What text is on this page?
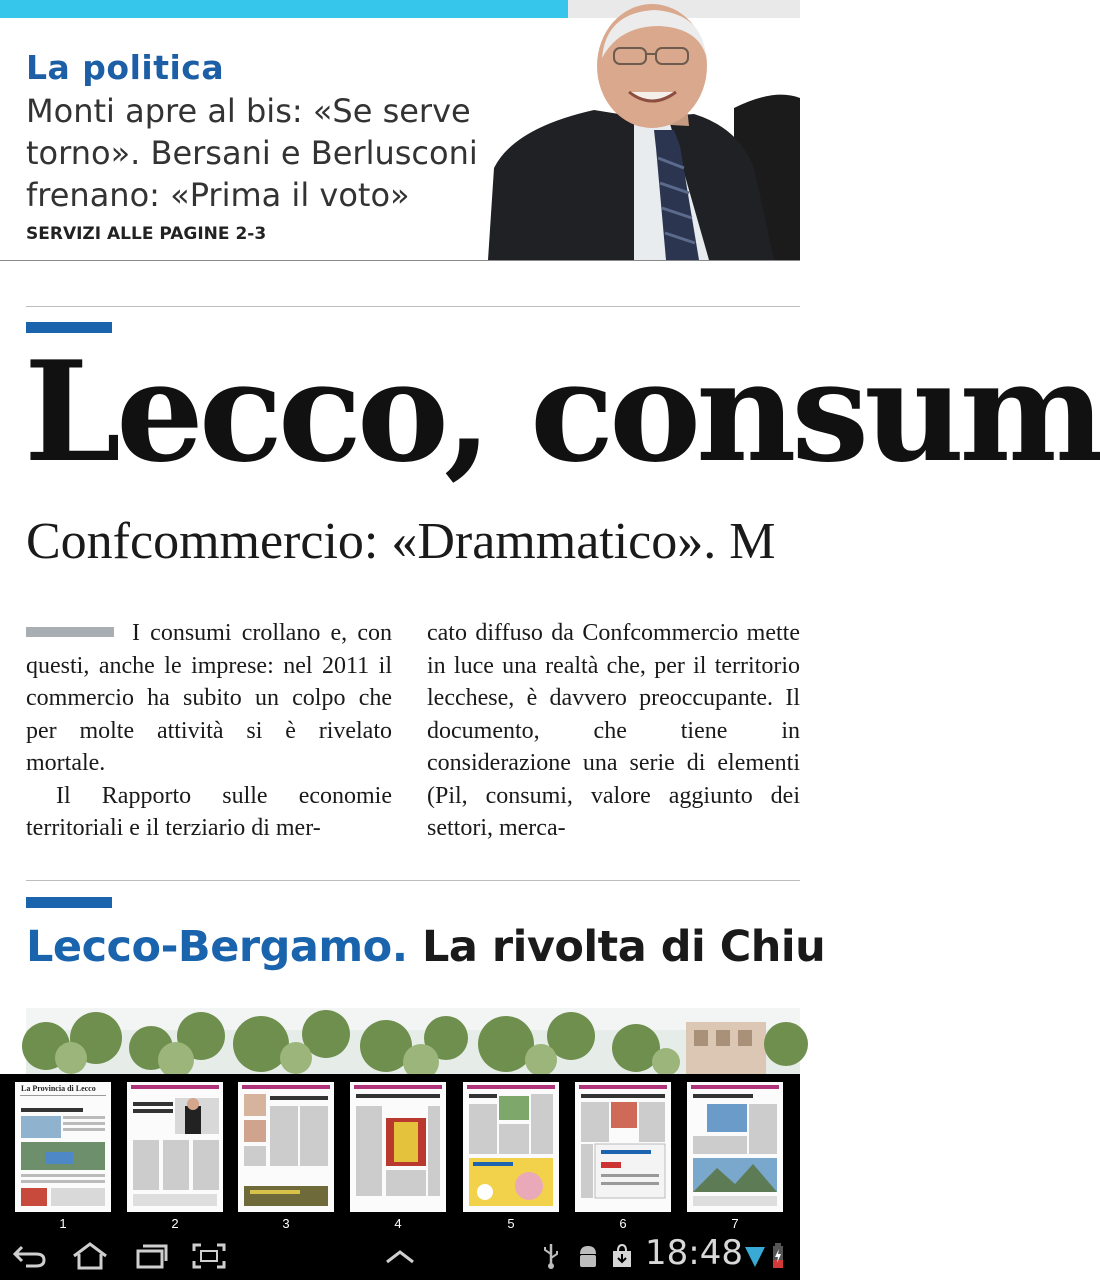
La politica
Monti apre al bis: «Se serve torno». Bersani e Berlusconi frenano: «Prima il voto»
SERVIZI ALLE PAGINE 2-3
Lecco, consum
Confcommercio: «Drammatico». M

I consumi crollano e, con questi, anche le imprese: nel 2011 il commercio ha subito un colpo che per molte attività si è rivelato mortale.

Il Rapporto sulle economie territoriali e il terziario di mer-

cato diffuso da Confcommercio mette in luce una realtà che, per il territorio lecchese, è davvero preoccupante. Il documento, che tiene in considerazione una serie di elementi (Pil, consumi, valore aggiunto dei settori, merca-

Lecco-Bergamo. La rivolta di Chiu
La Provincia di Lecco
1	2	3	4	5	6	7
18:48
